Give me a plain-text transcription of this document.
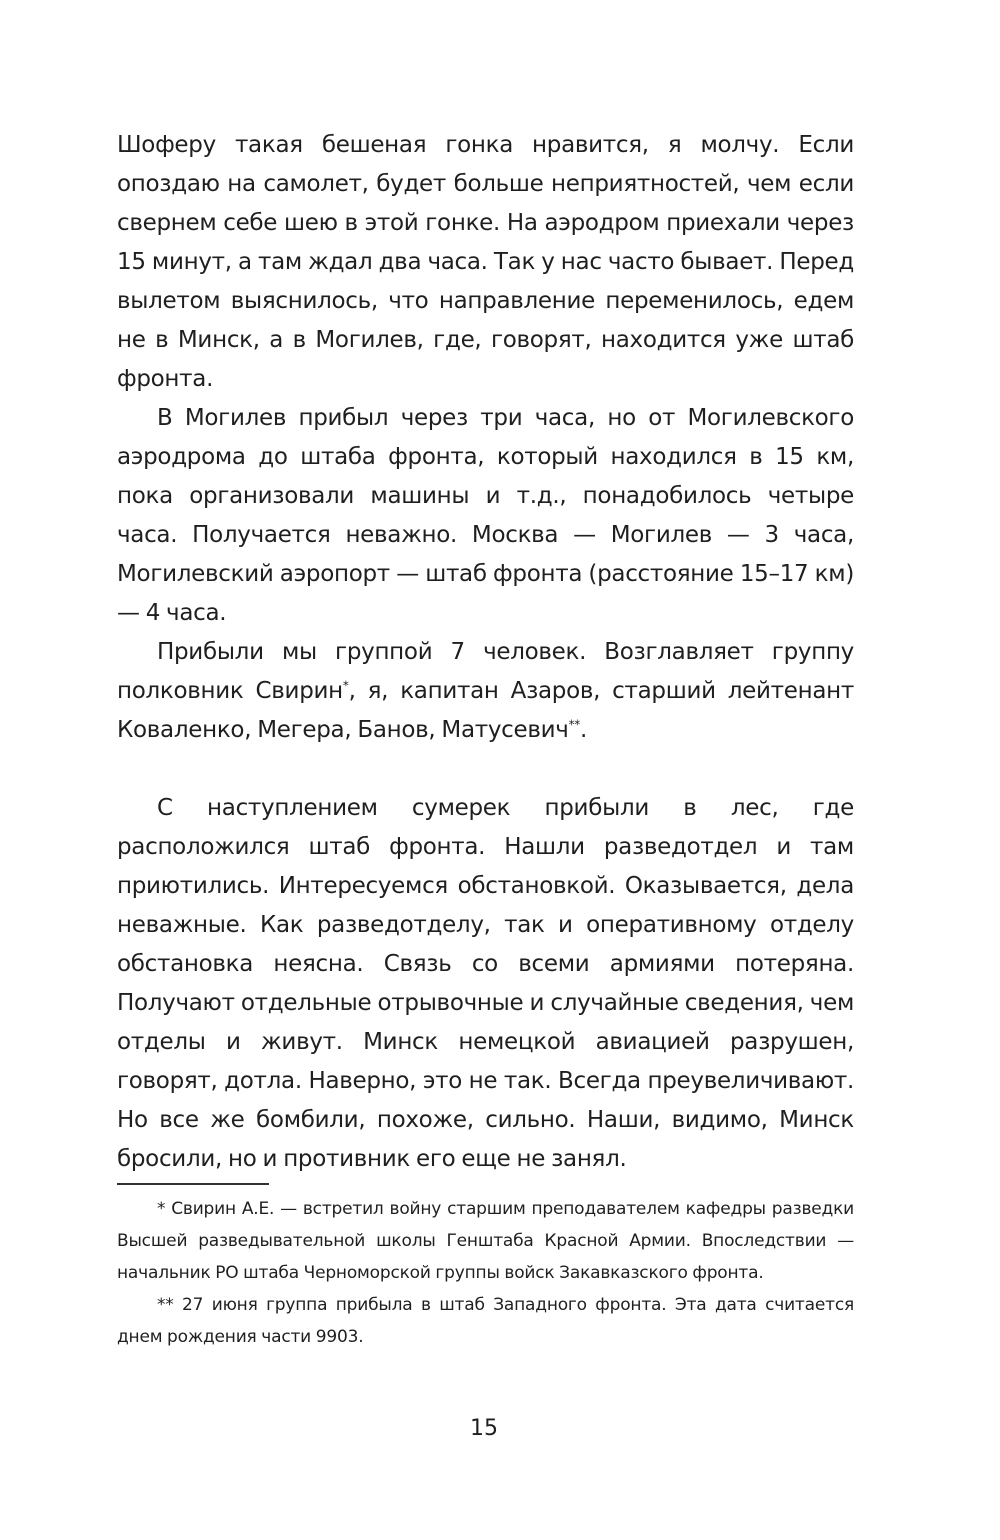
Шоферу такая бешеная гонка нравится, я молчу. Если опоздаю на самолет, будет больше неприятностей, чем если свернем себе шею в этой гонке. На аэродром приехали через 15 минут, а там ждал два часа. Так у нас часто бывает. Перед вылетом выяснилось, что направление переменилось, едем не в Минск, а в Могилев, где, говорят, находится уже штаб фронта.

В Могилев прибыл через три часа, но от Могилевского аэродрома до штаба фронта, который находился в 15 км, пока организовали машины и т.д., понадобилось четыре часа. Получается неважно. Москва — Могилев — 3 часа, Могилевский аэропорт — штаб фронта (расстояние 15–17 км) — 4 часа.

Прибыли мы группой 7 человек. Возглавляет группу полковник Свирин*, я, капитан Азаров, старший лейтенант Коваленко, Мегера, Банов, Матусевич**.

С наступлением сумерек прибыли в лес, где расположился штаб фронта. Нашли разведотдел и там приютились. Интересуемся обстановкой. Оказывается, дела неважные. Как разведотделу, так и оперативному отделу обстановка неясна. Связь со всеми армиями потеряна. Получают отдельные отрывочные и случайные сведения, чем отделы и живут. Минск немецкой авиацией разрушен, говорят, дотла. Наверно, это не так. Всегда преувеличивают. Но все же бомбили, похоже, сильно. Наши, видимо, Минск бросили, но и противник его еще не занял.

* Свирин А.Е. — встретил войну старшим преподавателем кафедры разведки Высшей разведывательной школы Генштаба Красной Армии. Впоследствии — начальник РО штаба Черноморской группы войск Закавказского фронта.

** 27 июня группа прибыла в штаб Западного фронта. Эта дата считается днем рождения части 9903.

15
